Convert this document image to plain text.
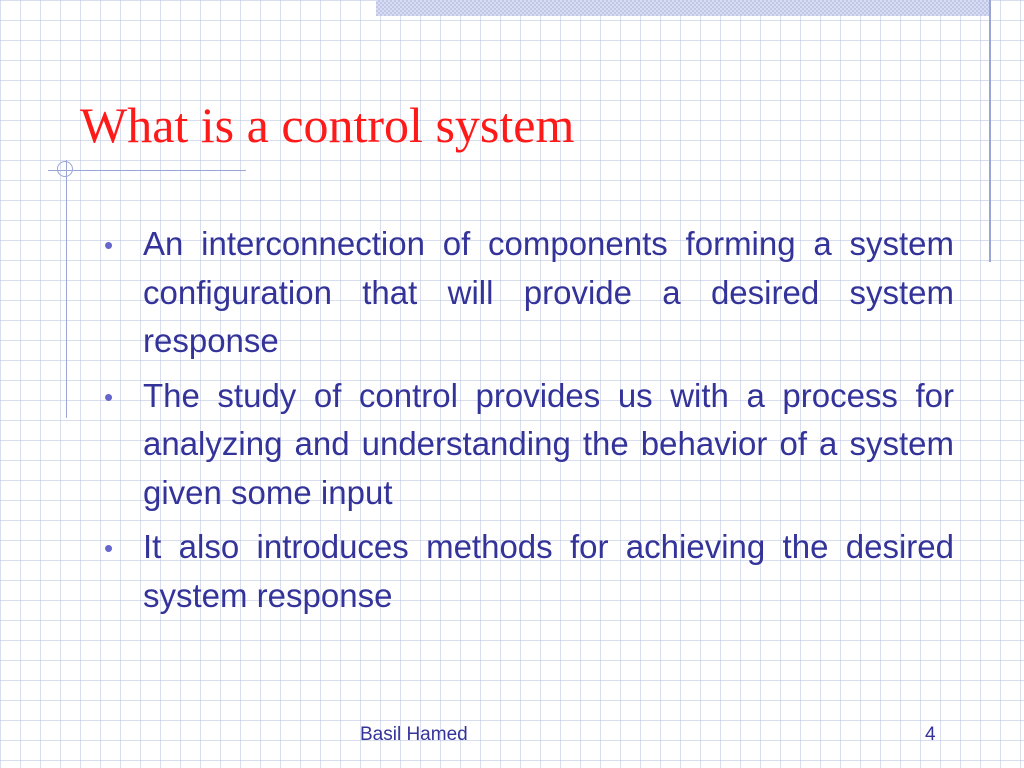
What is a control system
• An interconnection of components forming a system configuration that will provide a desired system response
• The study of control provides us with a process for analyzing and understanding the behavior of a system given some input
• It also introduces methods for achieving the desired system response
Basil Hamed	4
